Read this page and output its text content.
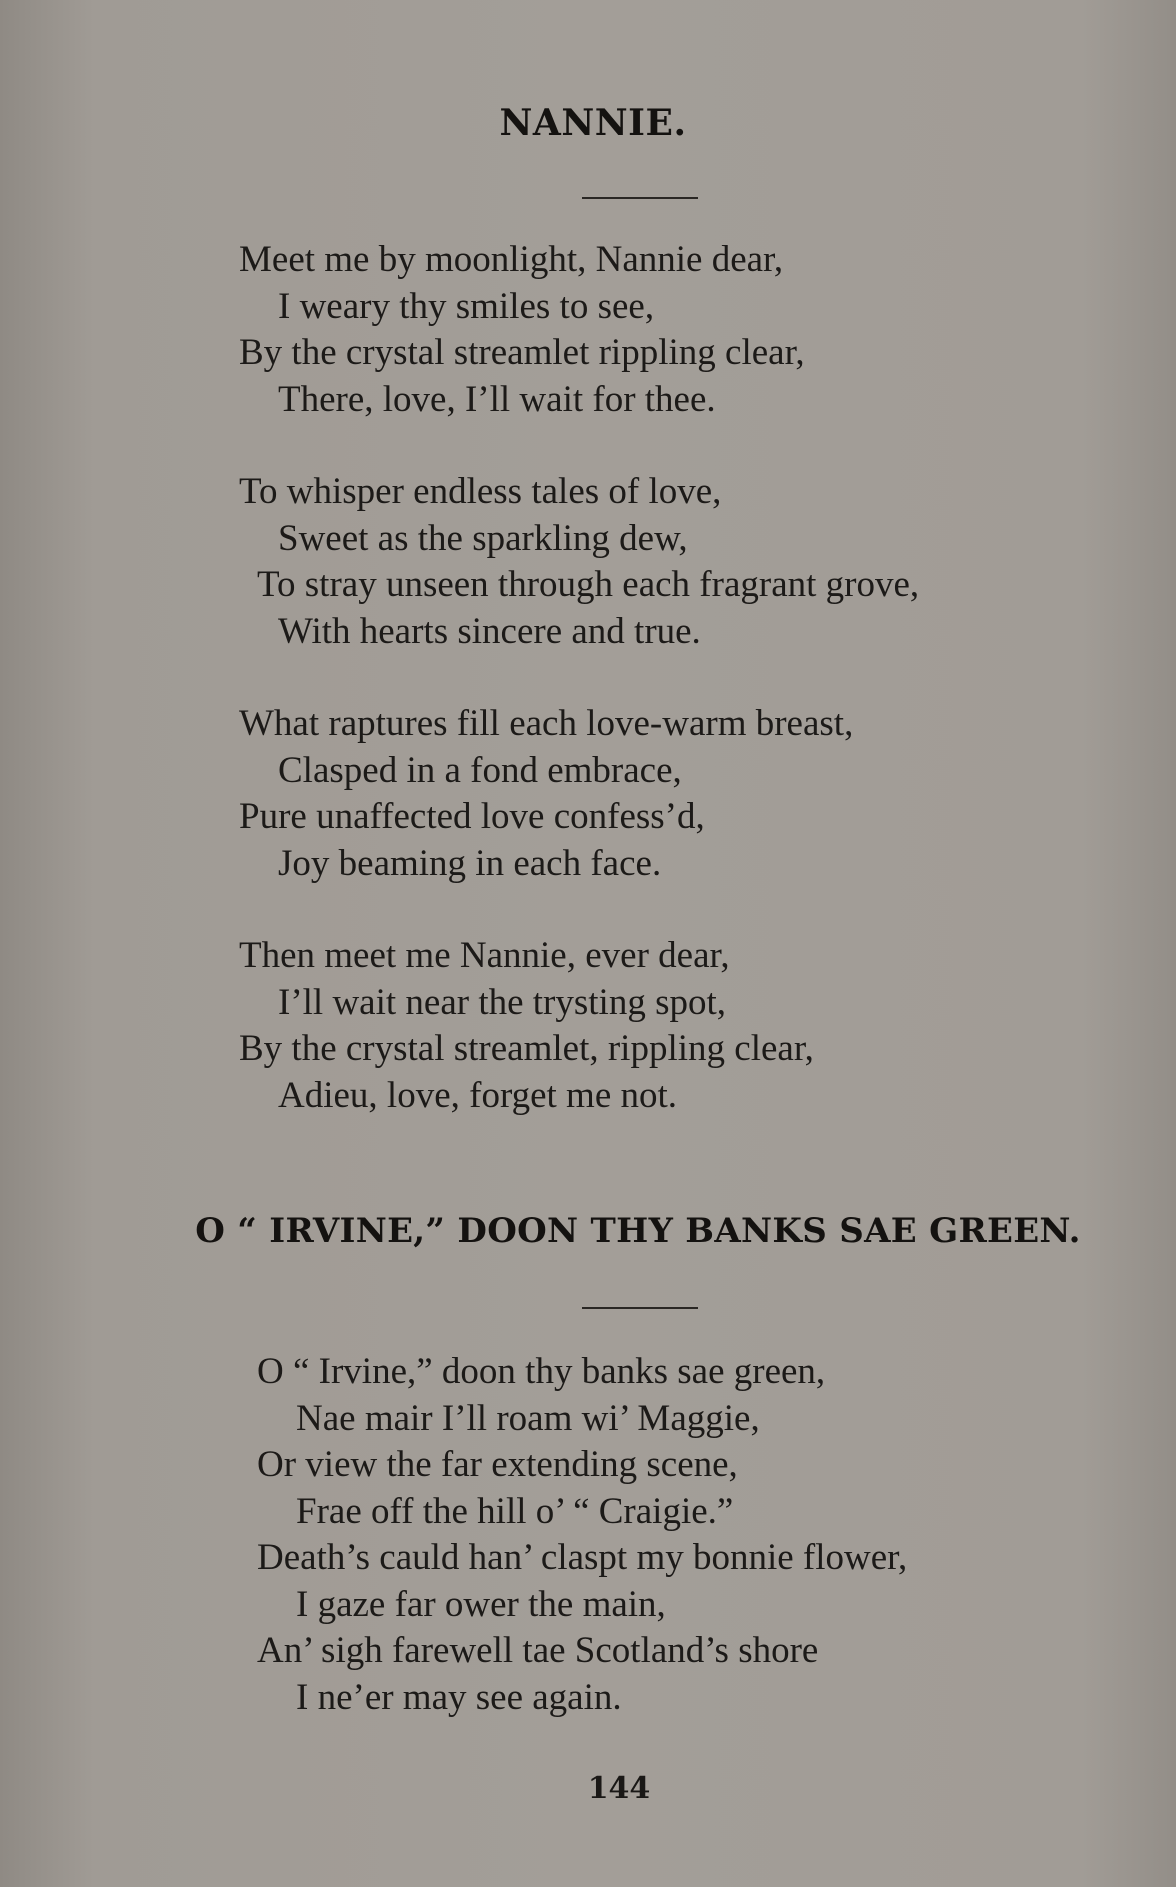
NANNIE.
Meet me by moonlight, Nannie dear,
I weary thy smiles to see,
By the crystal streamlet rippling clear,
There, love, I’ll wait for thee.
To whisper endless tales of love,
Sweet as the sparkling dew,
To stray unseen through each fragrant grove,
With hearts sincere and true.
What raptures fill each love-warm breast,
Clasped in a fond embrace,
Pure unaffected love confess’d,
Joy beaming in each face.
Then meet me Nannie, ever dear,
I’ll wait near the trysting spot,
By the crystal streamlet, rippling clear,
Adieu, love, forget me not.
O “ IRVINE,” DOON THY BANKS SAE GREEN.
O “ Irvine,” doon thy banks sae green,
Nae mair I’ll roam wi’ Maggie,
Or view the far extending scene,
Frae off the hill o’ “ Craigie.”
Death’s cauld han’ claspt my bonnie flower,
I gaze far ower the main,
An’ sigh farewell tae Scotland’s shore
I ne’er may see again.
144
